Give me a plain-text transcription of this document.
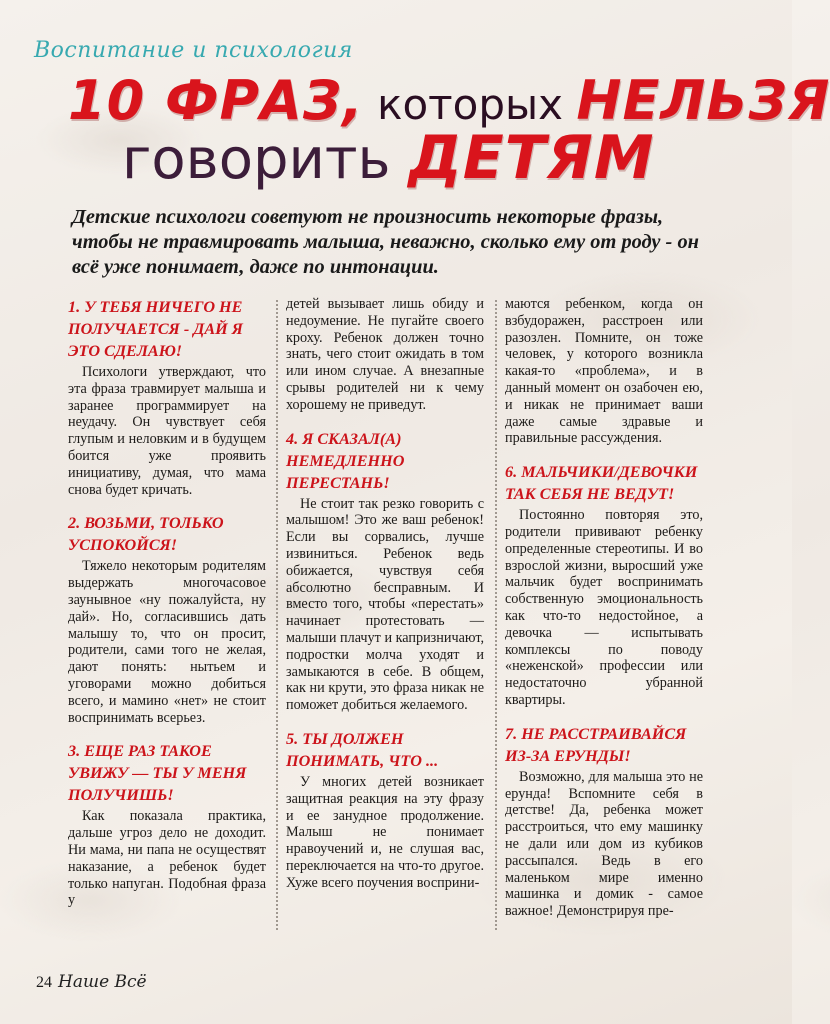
Воспитание и психология
10 ФРАЗ, которых НЕЛЬЗЯ
говорить ДЕТЯМ
Детские психологи советуют не произносить некоторые фразы, чтобы не травмировать малыша, неважно, сколько ему от роду - он всё уже понимает, даже по интонации.
1. У ТЕБЯ НИЧЕГО НЕ ПОЛУЧАЕТСЯ - ДАЙ Я ЭТО СДЕЛАЮ!
Психологи утверждают, что эта фраза травмирует малыша и заранее программирует на неудачу. Он чувствует себя глупым и неловким и в будущем боится уже проявить инициативу, думая, что мама снова будет кричать.
2. ВОЗЬМИ, ТОЛЬКО УСПОКОЙСЯ!
Тяжело некоторым родителям выдержать многочасовое заунывное «ну пожалуйста, ну дай». Но, согласившись дать малышу то, что он просит, родители, сами того не желая, дают понять: нытьем и уговорами можно добиться всего, и мамино «нет» не стоит воспринимать всерьез.
3. ЕЩЕ РАЗ ТАКОЕ УВИЖУ — ТЫ У МЕНЯ ПОЛУЧИШЬ!
Как показала практика, дальше угроз дело не доходит. Ни мама, ни папа не осуществят наказание, а ребенок будет только напуган. Подобная фраза у
детей вызывает лишь обиду и недоумение. Не пугайте своего кроху. Ребенок должен точно знать, чего стоит ожидать в том или ином случае. А внезапные срывы родителей ни к чему хорошему не приведут.
4. Я СКАЗАЛ(А) НЕМЕДЛЕННО ПЕРЕСТАНЬ!
Не стоит так резко говорить с малышом! Это же ваш ребенок! Если вы сорвались, лучше извиниться. Ребенок ведь обижается, чувствуя себя абсолютно бесправным. И вместо того, чтобы «перестать» начинает протестовать — малыши плачут и капризничают, подростки молча уходят и замыкаются в себе. В общем, как ни крути, это фраза никак не поможет добиться желаемого.
5. ТЫ ДОЛЖЕН ПОНИМАТЬ, ЧТО ...
У многих детей возникает защитная реакция на эту фразу и ее занудное продолжение. Малыш не понимает нравоучений и, не слушая вас, переключается на что-то другое. Хуже всего поучения восприни-
маются ребенком, когда он взбудоражен, расстроен или разозлен. Помните, он тоже человек, у которого возникла какая-то «проблема», и в данный момент он озабочен ею, и никак не принимает ваши даже самые здравые и правильные рассуждения.
6. МАЛЬЧИКИ/ДЕВОЧКИ ТАК СЕБЯ НЕ ВЕДУТ!
Постоянно повторяя это, родители прививают ребенку определенные стереотипы. И во взрослой жизни, выросший уже мальчик будет воспринимать собственную эмоциональность как что-то недостойное, а девочка — испытывать комплексы по поводу «неженской» профессии или недостаточно убранной квартиры.
7. НЕ РАССТРАИВАЙСЯ ИЗ-ЗА ЕРУНДЫ!
Возможно, для малыша это не ерунда! Вспомните себя в детстве! Да, ребенка может расстроиться, что ему машинку не дали или дом из кубиков рассыпался. Ведь в его маленьком мире именно машинка и домик - самое важное! Демонстрируя пре-
24 Наше Всё
